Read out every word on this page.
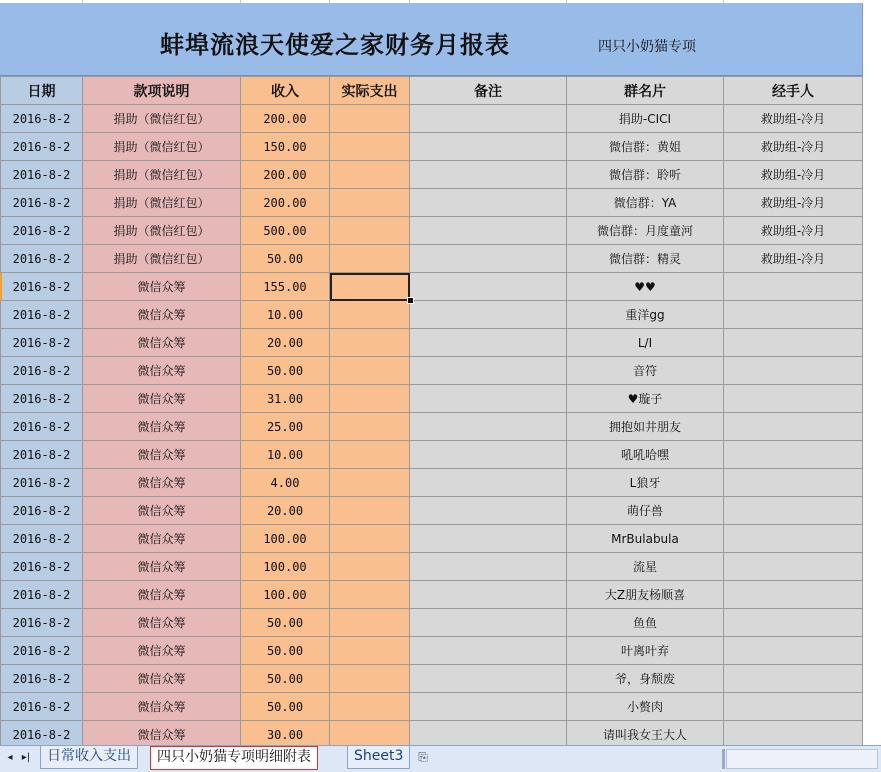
蚌埠流浪天使爱之家财务月报表	四只小奶猫专项
日期	款项说明	收入	实际支出	备注	群名片	经手人
2016-8-2	捐助（微信红包）	200.00			捐助-CICI	救助组-冷月
2016-8-2	捐助（微信红包）	150.00			微信群：黄姐	救助组-冷月
2016-8-2	捐助（微信红包）	200.00			微信群：聆听	救助组-冷月
2016-8-2	捐助（微信红包）	200.00			微信群：YA	救助组-冷月
2016-8-2	捐助（微信红包）	500.00			微信群：月度童河	救助组-冷月
2016-8-2	捐助（微信红包）	50.00			微信群：精灵	救助组-冷月
2016-8-2	微信众筹	155.00			♥♥	
2016-8-2	微信众筹	10.00			重洋gg	
2016-8-2	微信众筹	20.00			L/I	
2016-8-2	微信众筹	50.00			音符	
2016-8-2	微信众筹	31.00			♥璇子	
2016-8-2	微信众筹	25.00			拥抱如井朋友	
2016-8-2	微信众筹	10.00			吼吼哈嘿	
2016-8-2	微信众筹	4.00			L狼牙	
2016-8-2	微信众筹	20.00			萌仔兽	
2016-8-2	微信众筹	100.00			MrBulabula	
2016-8-2	微信众筹	100.00			流星	
2016-8-2	微信众筹	100.00			大Z朋友杨顺喜	
2016-8-2	微信众筹	50.00			鱼鱼	
2016-8-2	微信众筹	50.00			叶离叶弃	
2016-8-2	微信众筹	50.00			爷，身颓废	
2016-8-2	微信众筹	50.00			小赘肉	
2016-8-2	微信众筹	30.00			请叫我女王大人	
◂ ▸|	日常收入支出	四只小奶猫专项明细附表	Sheet3	⎘
